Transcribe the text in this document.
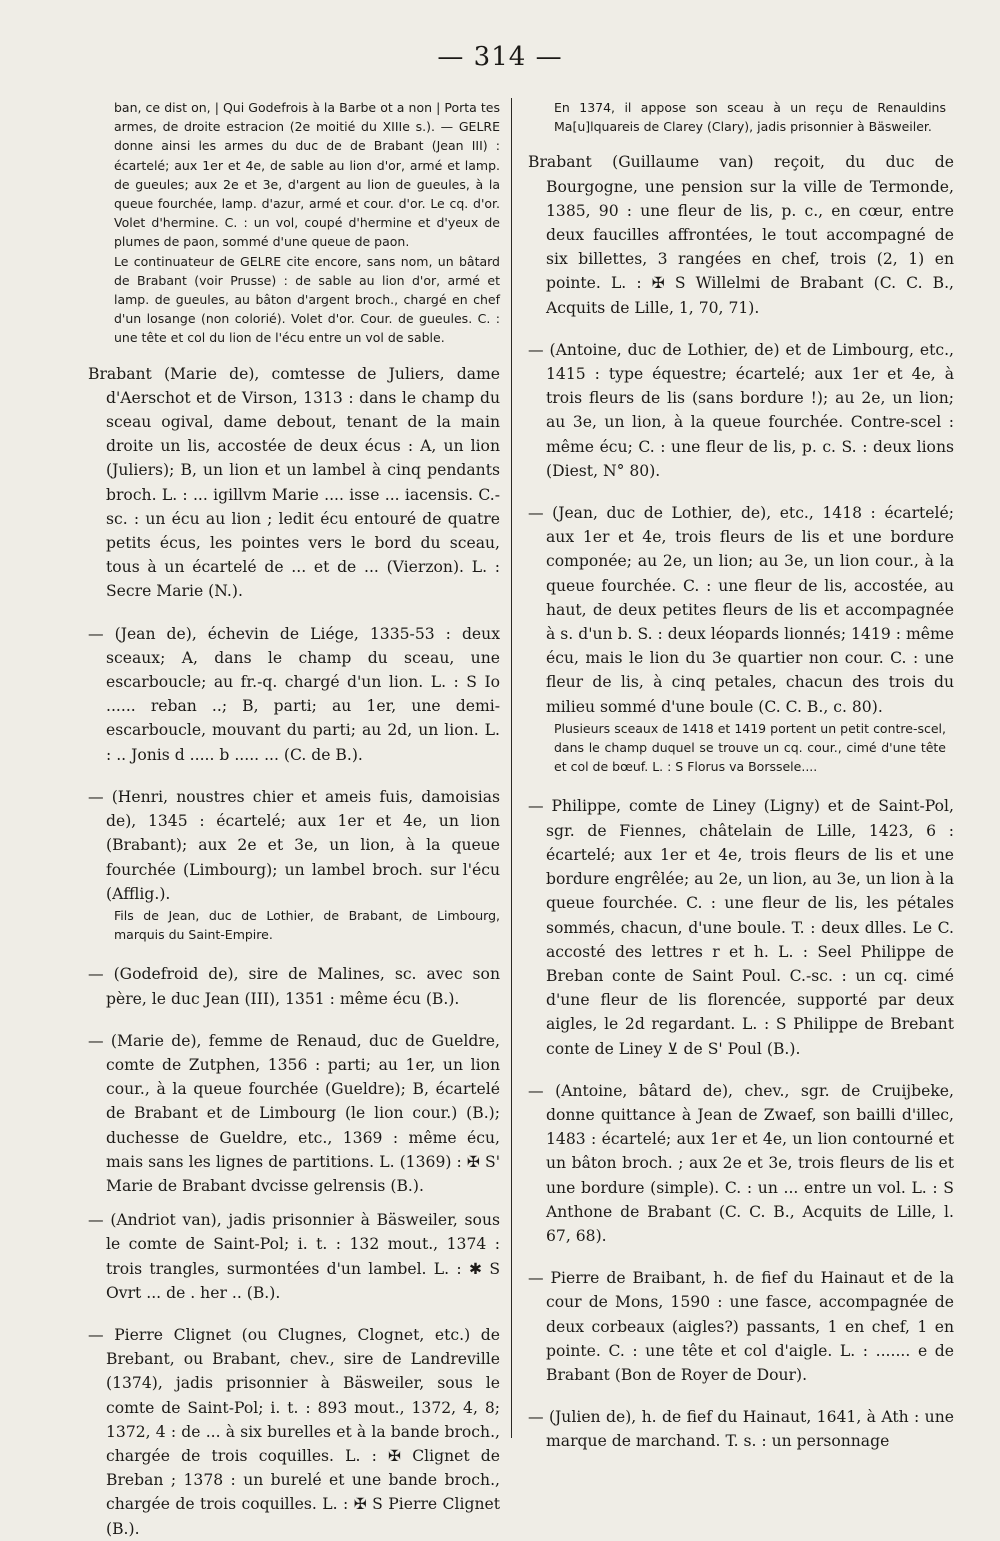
— 314 —

ban, ce dist on, | Qui Godefrois à la Barbe ot a non | Porta tes armes, de droite estracion (2e moitié du XIIIe s.). — GELRE donne ainsi les armes du duc de de Brabant (Jean III) : écartelé; aux 1er et 4e, de sable au lion d'or, armé et lamp. de gueules; aux 2e et 3e, d'argent au lion de gueules, à la queue fourchée, lamp. d'azur, armé et cour. d'or. Le cq. d'or. Volet d'hermine. C. : un vol, coupé d'hermine et d'yeux de plumes de paon, sommé d'une queue de paon.

Le continuateur de GELRE cite encore, sans nom, un bâtard de Brabant (voir Prusse) : de sable au lion d'or, armé et lamp. de gueules, au bâton d'argent broch., chargé en chef d'un losange (non colorié). Volet d'or. Cour. de gueules. C. : une tête et col du lion de l'écu entre un vol de sable.

Brabant (Marie de), comtesse de Juliers, dame d'Aerschot et de Virson, 1313 : dans le champ du sceau ogival, dame debout, tenant de la main droite un lis, accostée de deux écus : A, un lion (Juliers); B, un lion et un lambel à cinq pendants broch. L. : ... igillvm Marie .... isse ... iacensis. C.-sc. : un écu au lion ; ledit écu entouré de quatre petits écus, les pointes vers le bord du sceau, tous à un écartelé de ... et de ... (Vierzon). L. : Secre Marie (N.).

— (Jean de), échevin de Liége, 1335-53 : deux sceaux; A, dans le champ du sceau, une escarboucle; au fr.-q. chargé d'un lion. L. : S Io ...... reban ..; B, parti; au 1er, une demi-escarboucle, mouvant du parti; au 2d, un lion. L. : .. Jonis d ..... b ..... ... (C. de B.).

— (Henri, noustres chier et ameis fuis, damoisias de), 1345 : écartelé; aux 1er et 4e, un lion (Brabant); aux 2e et 3e, un lion, à la queue fourchée (Limbourg); un lambel broch. sur l'écu (Afflig.).

Fils de Jean, duc de Lothier, de Brabant, de Limbourg, marquis du Saint-Empire.

— (Godefroid de), sire de Malines, sc. avec son père, le duc Jean (III), 1351 : même écu (B.).

— (Marie de), femme de Renaud, duc de Gueldre, comte de Zutphen, 1356 : parti; au 1er, un lion cour., à la queue fourchée (Gueldre); B, écartelé de Brabant et de Limbourg (le lion cour.) (B.); duchesse de Gueldre, etc., 1369 : même écu, mais sans les lignes de partitions. L. (1369) : ✠ S' Marie de Brabant dvcisse gelrensis (B.).

— (Andriot van), jadis prisonnier à Bäsweiler, sous le comte de Saint-Pol; i. t. : 132 mout., 1374 : trois trangles, surmontées d'un lambel. L. : ✱ S Ovrt ... de . her .. (B.).

— Pierre Clignet (ou Clugnes, Clognet, etc.) de Brebant, ou Brabant, chev., sire de Landreville (1374), jadis prisonnier à Bäsweiler, sous le comte de Saint-Pol; i. t. : 893 mout., 1372, 4, 8; 1372, 4 : de ... à six burelles et à la bande broch., chargée de trois coquilles. L. : ✠ Clignet de Breban ; 1378 : un burelé et une bande broch., chargée de trois coquilles. L. : ✠ S Pierre Clignet (B.).

En 1374, il appose son sceau à un reçu de Renauldins Ma[u]lquareis de Clarey (Clary), jadis prisonnier à Bäsweiler.

Brabant (Guillaume van) reçoit, du duc de Bourgogne, une pension sur la ville de Termonde, 1385, 90 : une fleur de lis, p. c., en cœur, entre deux faucilles affrontées, le tout accompagné de six billettes, 3 rangées en chef, trois (2, 1) en pointe. L. : ✠ S Willelmi de Brabant (C. C. B., Acquits de Lille, 1, 70, 71).

— (Antoine, duc de Lothier, de) et de Limbourg, etc., 1415 : type équestre; écartelé; aux 1er et 4e, à trois fleurs de lis (sans bordure !); au 2e, un lion; au 3e, un lion, à la queue fourchée. Contre-scel : même écu; C. : une fleur de lis, p. c. S. : deux lions (Diest, N° 80).

— (Jean, duc de Lothier, de), etc., 1418 : écartelé; aux 1er et 4e, trois fleurs de lis et une bordure componée; au 2e, un lion; au 3e, un lion cour., à la queue fourchée. C. : une fleur de lis, accostée, au haut, de deux petites fleurs de lis et accompagnée à s. d'un b. S. : deux léopards lionnés; 1419 : même écu, mais le lion du 3e quartier non cour. C. : une fleur de lis, à cinq petales, chacun des trois du milieu sommé d'une boule (C. C. B., c. 80).

Plusieurs sceaux de 1418 et 1419 portent un petit contre-scel, dans le champ duquel se trouve un cq. cour., cimé d'une tête et col de bœuf. L. : S Florus va Borssele....

— Philippe, comte de Liney (Ligny) et de Saint-Pol, sgr. de Fiennes, châtelain de Lille, 1423, 6 : écartelé; aux 1er et 4e, trois fleurs de lis et une bordure engrêlée; au 2e, un lion, au 3e, un lion à la queue fourchée. C. : une fleur de lis, les pétales sommés, chacun, d'une boule. T. : deux dlles. Le C. accosté des lettres r et h. L. : Seel Philippe de Breban conte de Saint Poul. C.-sc. : un cq. cimé d'une fleur de lis florencée, supporté par deux aigles, le 2d regardant. L. : S Philippe de Brebant conte de Liney ⊻ de S' Poul (B.).

— (Antoine, bâtard de), chev., sgr. de Cruijbeke, donne quittance à Jean de Zwaef, son bailli d'illec, 1483 : écartelé; aux 1er et 4e, un lion contourné et un bâton broch. ; aux 2e et 3e, trois fleurs de lis et une bordure (simple). C. : un ... entre un vol. L. : S Anthone de Brabant (C. C. B., Acquits de Lille, l. 67, 68).

— Pierre de Braibant, h. de fief du Hainaut et de la cour de Mons, 1590 : une fasce, accompagnée de deux corbeaux (aigles?) passants, 1 en chef, 1 en pointe. C. : une tête et col d'aigle. L. : ....... e de Brabant (Bon de Royer de Dour).

— (Julien de), h. de fief du Hainaut, 1641, à Ath : une marque de marchand. T. s. : un personnage
